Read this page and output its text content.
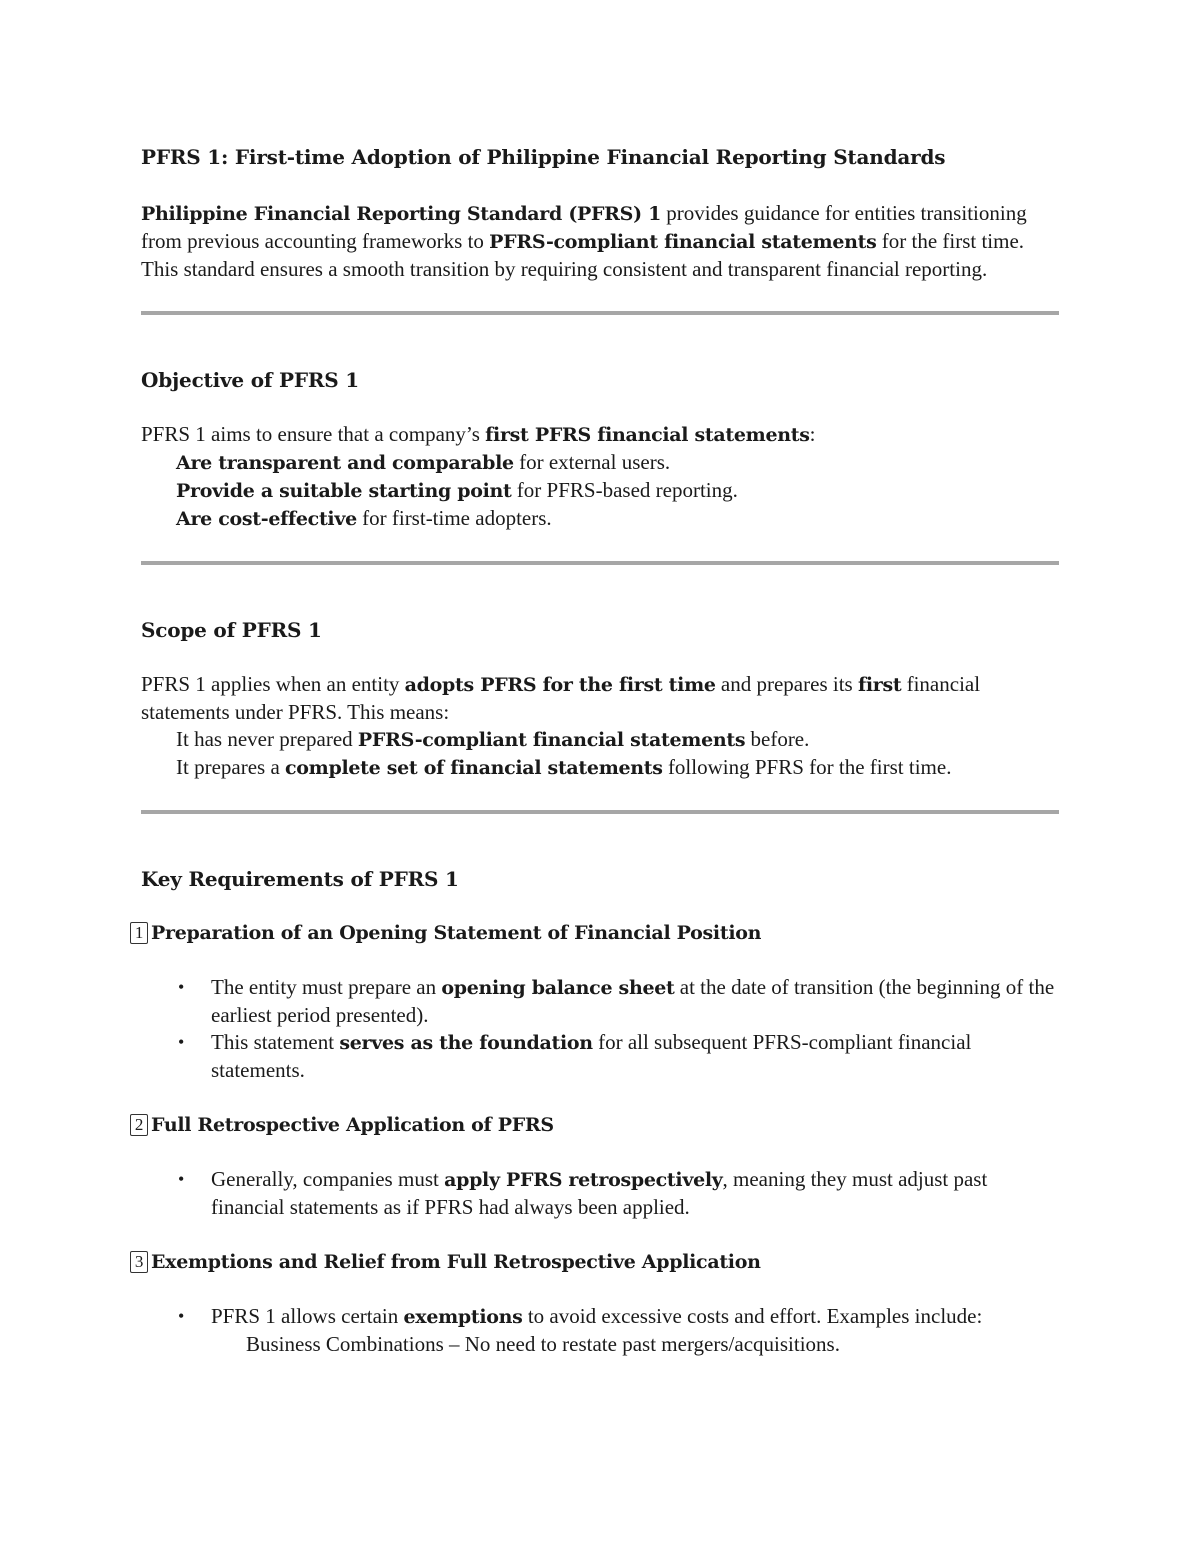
PFRS 1: First-time Adoption of Philippine Financial Reporting Standards

Philippine Financial Reporting Standard (PFRS) 1 provides guidance for entities transitioning from previous accounting frameworks to PFRS-compliant financial statements for the first time. This standard ensures a smooth transition by requiring consistent and transparent financial reporting.

Objective of PFRS 1

PFRS 1 aims to ensure that a company’s first PFRS financial statements:

Are transparent and comparable for external users.

Provide a suitable starting point for PFRS-based reporting.

Are cost-effective for first-time adopters.

Scope of PFRS 1

PFRS 1 applies when an entity adopts PFRS for the first time and prepares its first financial statements under PFRS. This means:

It has never prepared PFRS-compliant financial statements before.

It prepares a complete set of financial statements following PFRS for the first time.

Key Requirements of PFRS 1
1 Preparation of an Opening Statement of Financial Position
• The entity must prepare an opening balance sheet at the date of transition (the beginning of the earliest period presented).
• This statement serves as the foundation for all subsequent PFRS-compliant financial statements.
2 Full Retrospective Application of PFRS
• Generally, companies must apply PFRS retrospectively, meaning they must adjust past financial statements as if PFRS had always been applied.
3 Exemptions and Relief from Full Retrospective Application
• PFRS 1 allows certain exemptions to avoid excessive costs and effort. Examples include:
Business Combinations – No need to restate past mergers/acquisitions.
